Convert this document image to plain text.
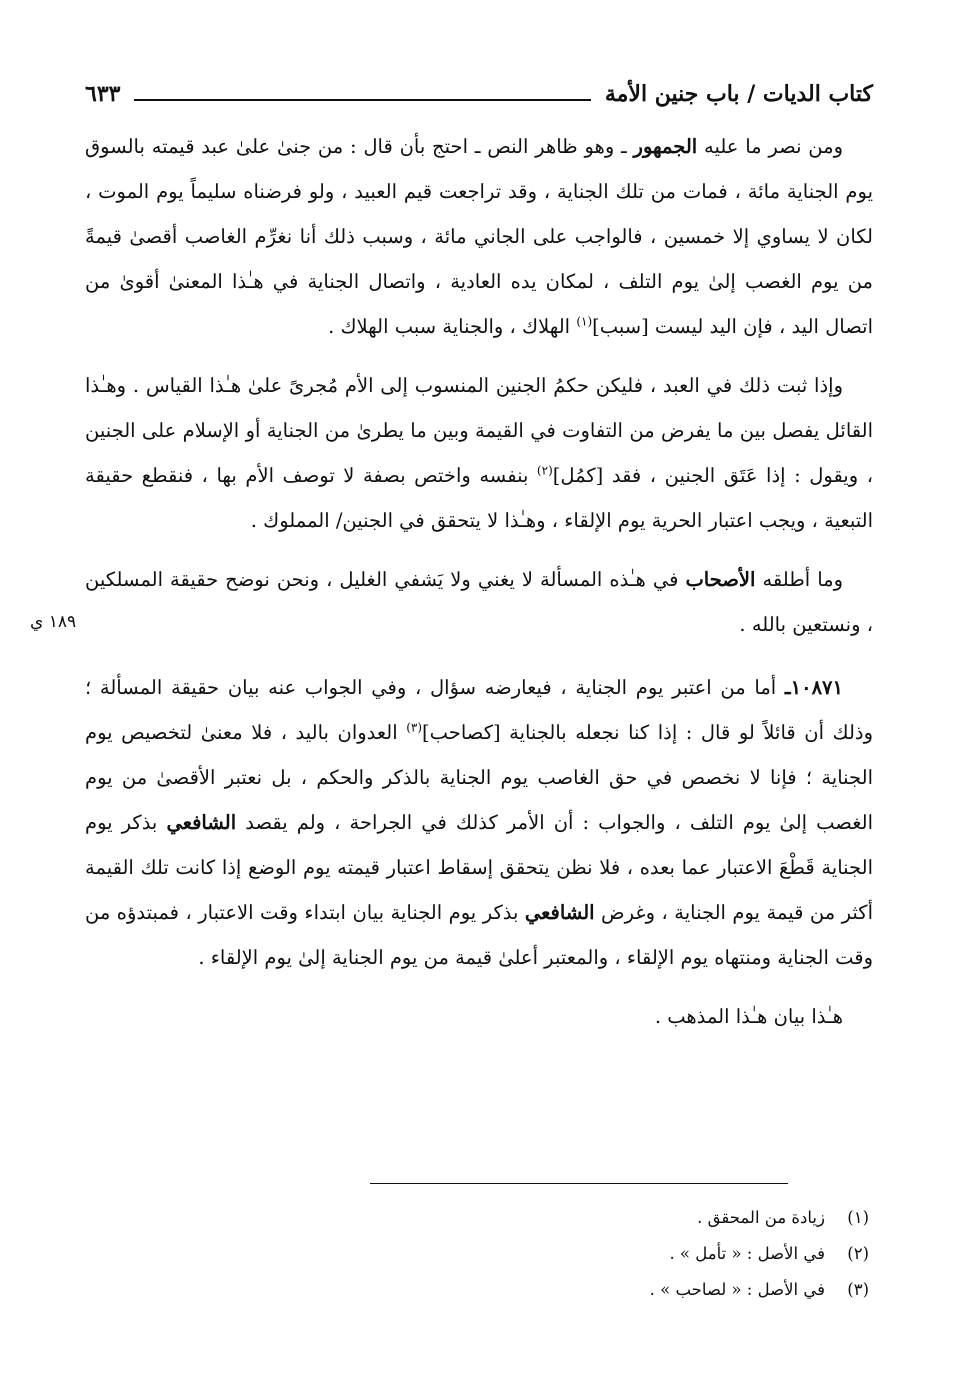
كتاب الديات / باب جنين الأمة
٦٣٣

ومن نصر ما عليه الجمهور ـ وهو ظاهر النص ـ احتج بأن قال : من جنىٰ علىٰ عبد قيمته بالسوق يوم الجناية مائة ، فمات من تلك الجناية ، وقد تراجعت قيم العبيد ، ولو فرضناه سليماً يوم الموت ، لكان لا يساوي إلا خمسين ، فالواجب على الجاني مائة ، وسبب ذلك أنا نغرِّم الغاصب أقصىٰ قيمةً من يوم الغصب إلىٰ يوم التلف ، لمكان يده العادية ، واتصال الجناية في هـٰذا المعنىٰ أقوىٰ من اتصال اليد ، فإن اليد ليست [سبب]$^{(١)}$ الهلاك ، والجناية سبب الهلاك .

وإذا ثبت ذلك في العبد ، فليكن حكمُ الجنين المنسوب إلى الأم مُجرىً علىٰ هـٰذا القياس . وهـٰذا القائل يفصل بين ما يفرض من التفاوت في القيمة وبين ما يطرىٰ من الجناية أو الإسلام على الجنين ، ويقول : إذا عَتَق الجنين ، فقد [كمُل]$^{(٢)}$ بنفسه واختص بصفة لا توصف الأم بها ، فنقطع حقيقة التبعية ، ويجب اعتبار الحرية يوم الإلقاء ، وهـٰذا لا يتحقق في الجنين/ المملوك .

وما أطلقه الأصحاب في هـٰذه المسألة لا يغني ولا يَشفي الغليل ، ونحن نوضح حقيقة المسلكين ، ونستعين بالله .

١٠٨٧١ـ أما من اعتبر يوم الجناية ، فيعارضه سؤال ، وفي الجواب عنه بيان حقيقة المسألة ؛ وذلك أن قائلاً لو قال : إذا كنا نجعله بالجناية [كصاحب]$^{(٣)}$ العدوان باليد ، فلا معنىٰ لتخصيص يوم الجناية ؛ فإنا لا نخصص في حق الغاصب يوم الجناية بالذكر والحكم ، بل نعتبر الأقصىٰ من يوم الغصب إلىٰ يوم التلف ، والجواب : أن الأمر كذلك في الجراحة ، ولم يقصد الشافعي بذكر يوم الجناية قَطْعَ الاعتبار عما بعده ، فلا نظن يتحقق إسقاط اعتبار قيمته يوم الوضع إذا كانت تلك القيمة أكثر من قيمة يوم الجناية ، وغرض الشافعي بذكر يوم الجناية بيان ابتداء وقت الاعتبار ، فمبتدؤه من وقت الجناية ومنتهاه يوم الإلقاء ، والمعتبر أعلىٰ قيمة من يوم الجناية إلىٰ يوم الإلقاء .

هـٰذا بيان هـٰذا المذهب .

١٨٩ ي
(١)
زيادة من المحقق .
(٢)
في الأصل : « تأمل » .
(٣)
في الأصل : « لصاحب » .
